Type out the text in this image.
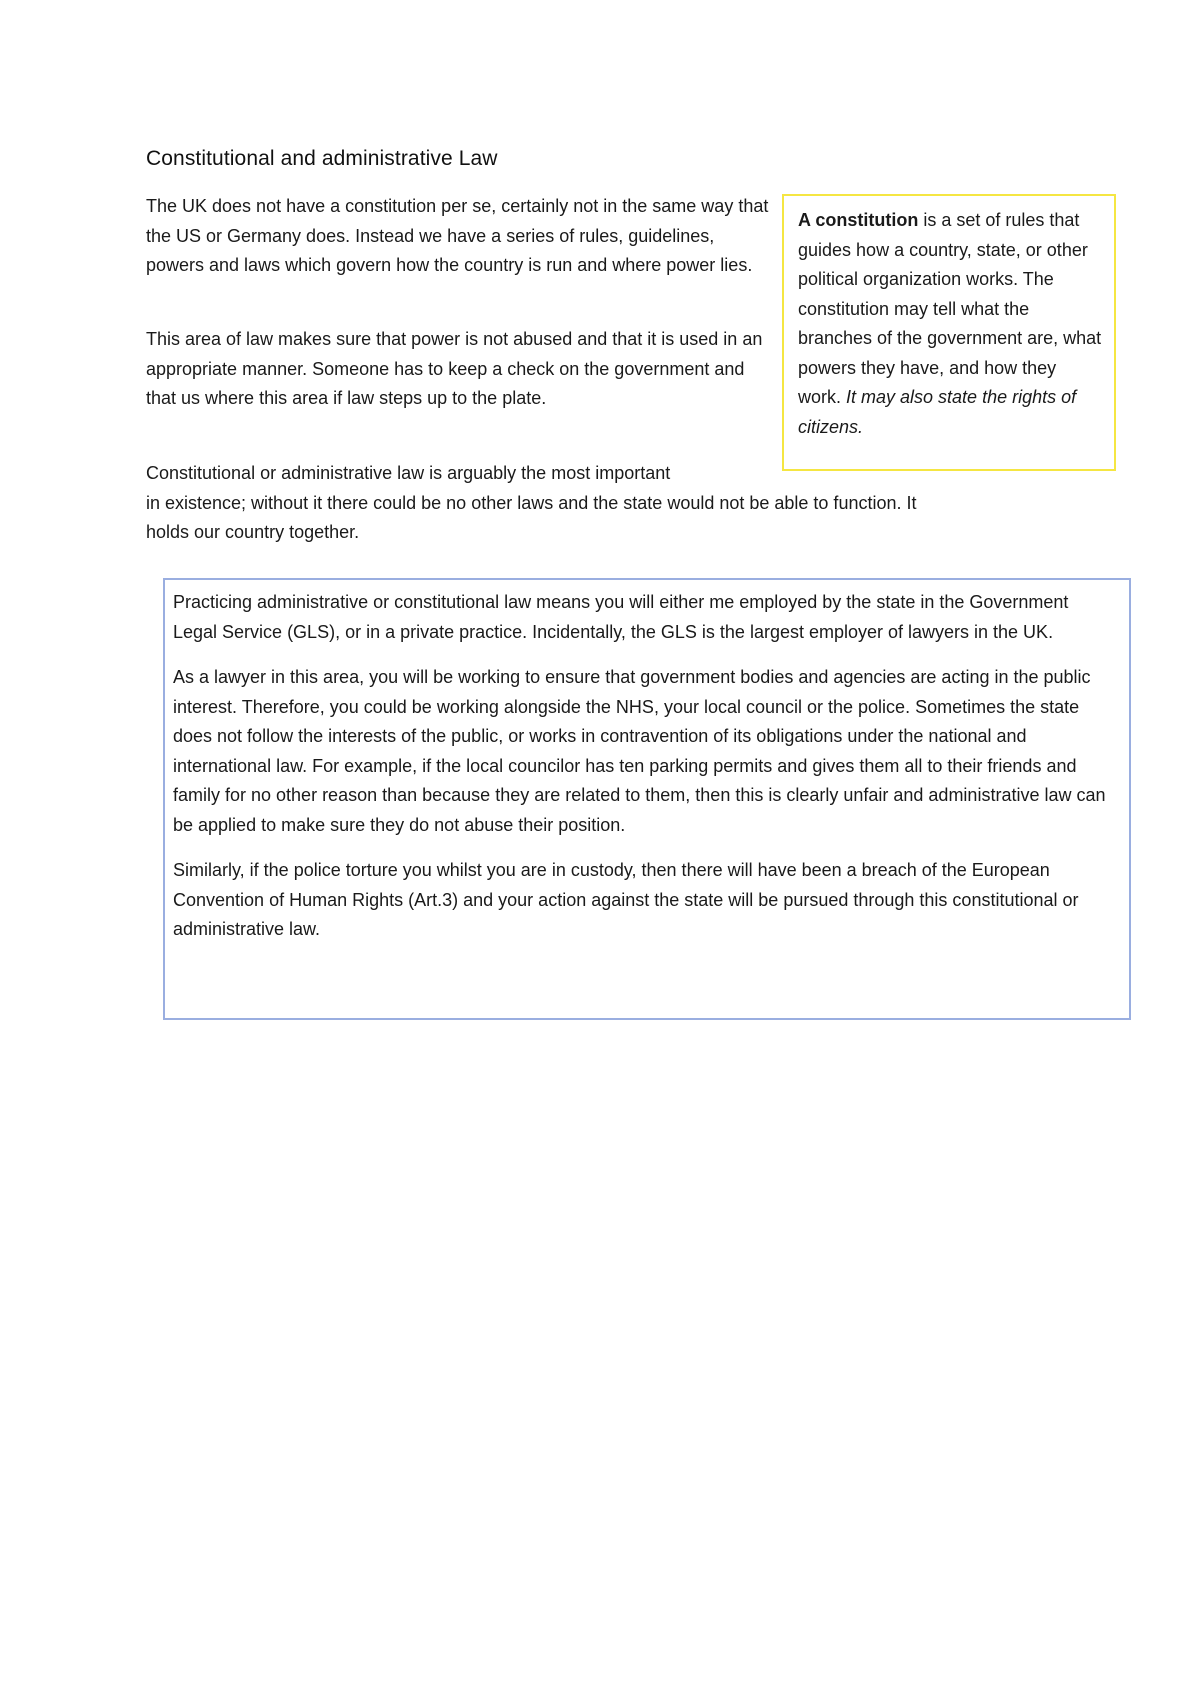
Constitutional and administrative Law

The UK does not have a constitution per se, certainly not in the same way that the US or Germany does. Instead we have a series of rules, guidelines, powers and laws which govern how the country is run and where power lies.

This area of law makes sure that power is not abused and that it is used in an appropriate manner. Someone has to keep a check on the government and that us where this area if law steps up to the plate.

Constitutional or administrative law is arguably the most important
in existence; without it there could be no other laws and the state would not be able to function. It
holds our country together.

A constitution is a set of rules that guides how a country, state, or other political organization works. The constitution may tell what the branches of the government are, what powers they have, and how they work. It may also state the rights of citizens.

Practicing administrative or constitutional law means you will either me employed by the state in the Government Legal Service (GLS), or in a private practice. Incidentally, the GLS is the largest employer of lawyers in the UK.

As a lawyer in this area, you will be working to ensure that government bodies and agencies are acting in the public interest. Therefore, you could be working alongside the NHS, your local council or the police. Sometimes the state does not follow the interests of the public, or works in contravention of its obligations under the national and international law. For example, if the local councilor has ten parking permits and gives them all to their friends and family for no other reason than because they are related to them, then this is clearly unfair and administrative law can be applied to make sure they do not abuse their position.

Similarly, if the police torture you whilst you are in custody, then there will have been a breach of the European Convention of Human Rights (Art.3) and your action against the state will be pursued through this constitutional or administrative law.
